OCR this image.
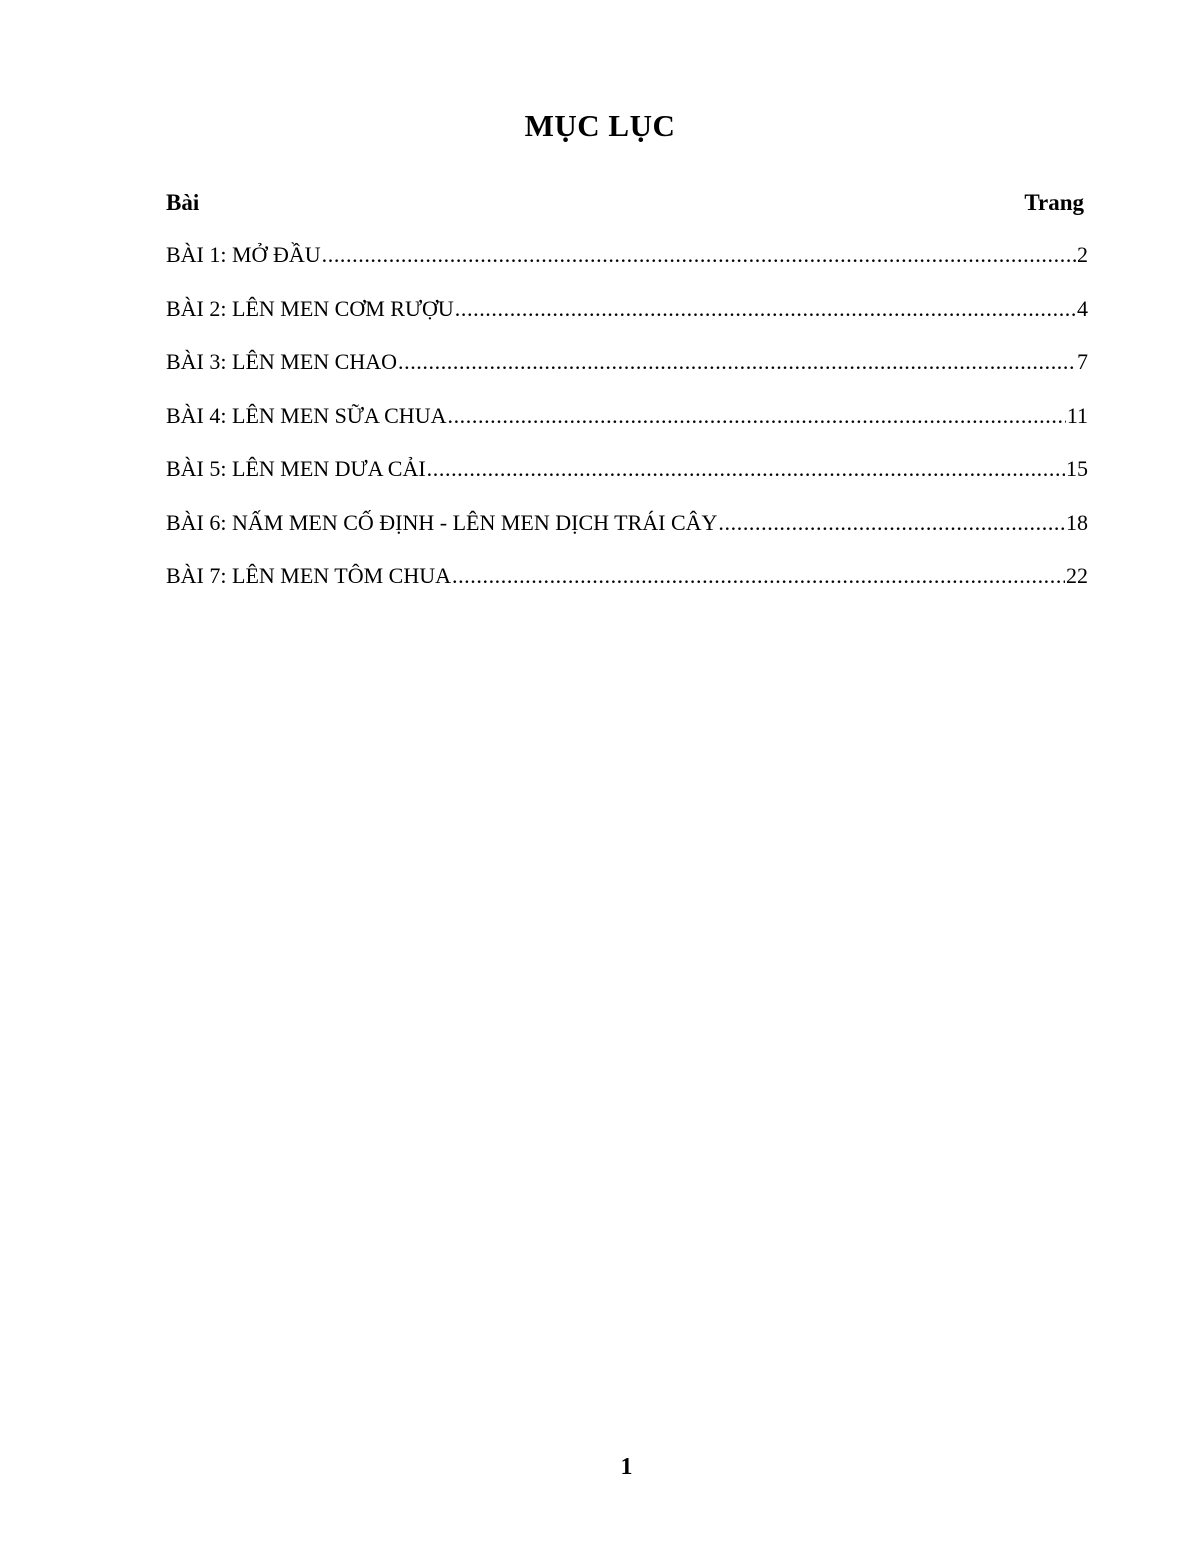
MỤC LỤC
Bài	Trang
BÀI 1: MỞ ĐẦU .....	2
BÀI 2: LÊN MEN CƠM RƯỢU .....	4
BÀI 3: LÊN MEN CHAO .....	7
BÀI 4: LÊN MEN SỮA CHUA .....	11
BÀI 5: LÊN MEN DƯA CẢI .....	15
BÀI 6: NẤM MEN CỐ ĐỊNH - LÊN MEN DỊCH TRÁI CÂY .....	18
BÀI 7: LÊN MEN TÔM CHUA .....	22
1
